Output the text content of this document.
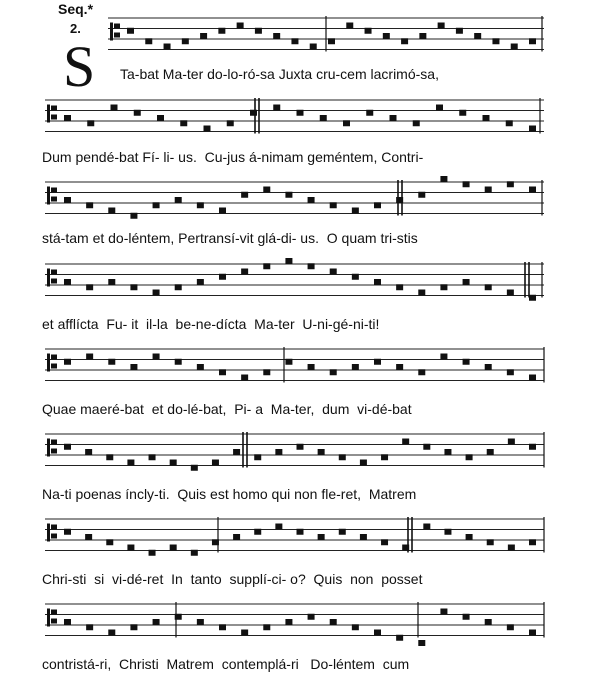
Seq.*
2.
S Ta-bat Ma-ter do-lo-ró-sa Juxta cru-cem lacrimó-sa,
Dum pendé-bat Fí- li- us.  Cu-jus á-nimam geméntem, Contri-
stá-tam et do-léntem, Pertransí-vit glá-di- us.  O quam tri-stis
et afflícta  Fu- it  il-la  be-ne-dícta  Ma-ter  U-ni-gé-ni-ti!
Quae maeré-bat  et do-lé-bat,  Pi- a  Ma-ter,  dum  vi-dé-bat
Na-ti poenas íncly-ti.  Quis est homo qui non fle-ret,  Matrem
Chri-sti  si  vi-dé-ret  In  tanto  supplí-ci- o?  Quis  non  posset
contristá-ri,  Christi  Matrem  contemplá-ri   Do-léntem  cum
